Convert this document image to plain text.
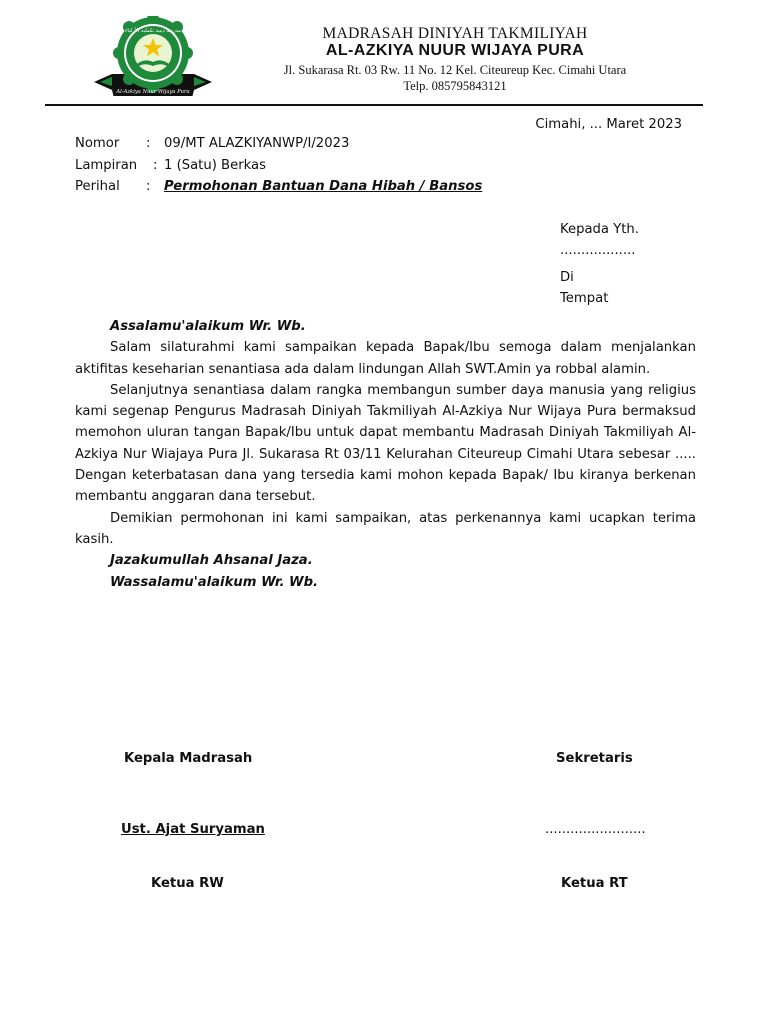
مدرسة دينية تكملية الأزكياء
Al-Azkiya Nuur Wijaya Pura
MADRASAH DINIYAH TAKMILIYAH
AL-AZKIYA NUUR WIJAYA PURA
Jl. Sukarasa Rt. 03 Rw. 11 No. 12 Kel. Citeureup Kec. Cimahi Utara
Telp. 085795843121
Cimahi, ... Maret 2023
Nomor : 09/MT ALAZKIYANWP/I/2023
Lampiran : 1 (Satu) Berkas
Perihal : Permohonan Bantuan Dana Hibah / Bansos
Kepada Yth.
..................
Di
Tempat

Assalamu'alaikum Wr. Wb.

Salam silaturahmi kami sampaikan kepada Bapak/Ibu semoga dalam menjalankan aktifitas keseharian senantiasa ada dalam lindungan Allah SWT.Amin ya robbal alamin.

Selanjutnya senantiasa dalam rangka membangun sumber daya manusia yang religius kami segenap Pengurus Madrasah Diniyah Takmiliyah Al-Azkiya Nur Wijaya Pura bermaksud memohon uluran tangan Bapak/Ibu untuk dapat membantu Madrasah Diniyah Takmiliyah Al-Azkiya Nur Wiajaya Pura Jl. Sukarasa Rt 03/11 Kelurahan Citeureup Cimahi Utara sebesar ..... Dengan keterbatasan dana yang tersedia kami mohon kepada Bapak/ Ibu kiranya berkenan membantu anggaran dana tersebut.

Demikian permohonan ini kami sampaikan, atas perkenannya kami ucapkan terima kasih.

Jazakumullah Ahsanal Jaza.

Wassalamu'alaikum Wr. Wb.

Kepala Madrasah	Sekretaris
Ust. Ajat Suryaman	........................
Ketua RW	Ketua RT
